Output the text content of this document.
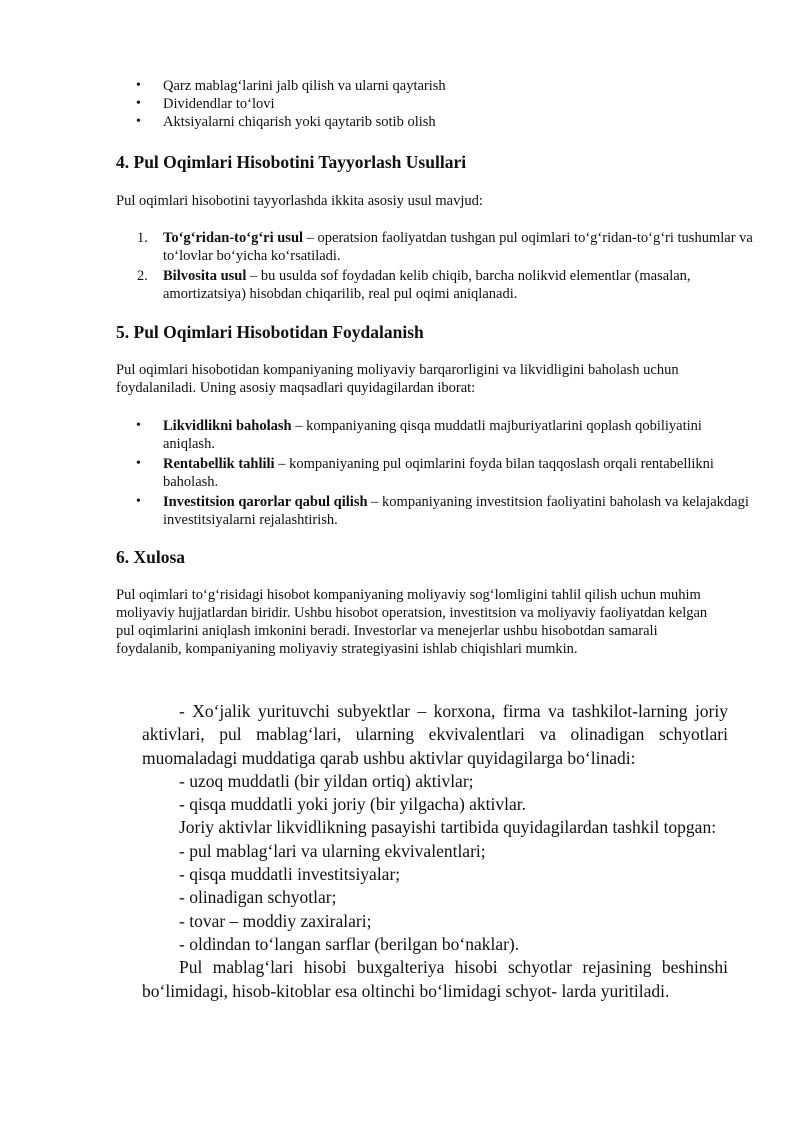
• Qarz mablag‘larini jalb qilish va ularni qaytarish
• Dividendlar to‘lovi
• Aktsiyalarni chiqarish yoki qaytarib sotib olish
4. Pul Oqimlari Hisobotini Tayyorlash Usullari

Pul oqimlari hisobotini tayyorlashda ikkita asosiy usul mavjud:

1. To‘g‘ridan-to‘g‘ri usul – operatsion faoliyatdan tushgan pul oqimlari to‘g‘ridan-to‘g‘ri tushumlar va to‘lovlar bo‘yicha ko‘rsatiladi.
2. Bilvosita usul – bu usulda sof foydadan kelib chiqib, barcha nolikvid elementlar (masalan, amortizatsiya) hisobdan chiqarilib, real pul oqimi aniqlanadi.
5. Pul Oqimlari Hisobotidan Foydalanish

Pul oqimlari hisobotidan kompaniyaning moliyaviy barqarorligini va likvidligini baholash uchun foydalaniladi. Uning asosiy maqsadlari quyidagilardan iborat:

• Likvidlikni baholash – kompaniyaning qisqa muddatli majburiyatlarini qoplash qobiliyatini aniqlash.
• Rentabellik tahlili – kompaniyaning pul oqimlarini foyda bilan taqqoslash orqali rentabellikni baholash.
• Investitsion qarorlar qabul qilish – kompaniyaning investitsion faoliyatini baholash va kelajakdagi investitsiyalarni rejalashtirish.
6. Xulosa

Pul oqimlari to‘g‘risidagi hisobot kompaniyaning moliyaviy sog‘lomligini tahlil qilish uchun muhim moliyaviy hujjatlardan biridir. Ushbu hisobot operatsion, investitsion va moliyaviy faoliyatdan kelgan pul oqimlarini aniqlash imkonini beradi. Investorlar va menejerlar ushbu hisobotdan samarali foydalanib, kompaniyaning moliyaviy strategiyasini ishlab chiqishlari mumkin.

- Xo‘jalik yurituvchi subyektlar – korxona, firma va tashkilot-larning joriy aktivlari, pul mablag‘lari, ularning ekvivalentlari va olinadigan schyotlari muomaladagi muddatiga qarab ushbu aktivlar quyidagilarga bo‘linadi:

- uzoq muddatli (bir yildan ortiq) aktivlar;

- qisqa muddatli yoki joriy (bir yilgacha) aktivlar.

Joriy aktivlar likvidlikning pasayishi tartibida quyidagilardan tashkil topgan:

- pul mablag‘lari va ularning ekvivalentlari;

- qisqa muddatli investitsiyalar;

- olinadigan schyotlar;

- tovar – moddiy zaxiralari;

- oldindan to‘langan sarflar (berilgan bo‘naklar).

Pul mablag‘lari hisobi buxgalteriya hisobi schyotlar rejasining beshinshi bo‘limidagi, hisob-kitoblar esa oltinchi bo‘limidagi schyot- larda yuritiladi.
